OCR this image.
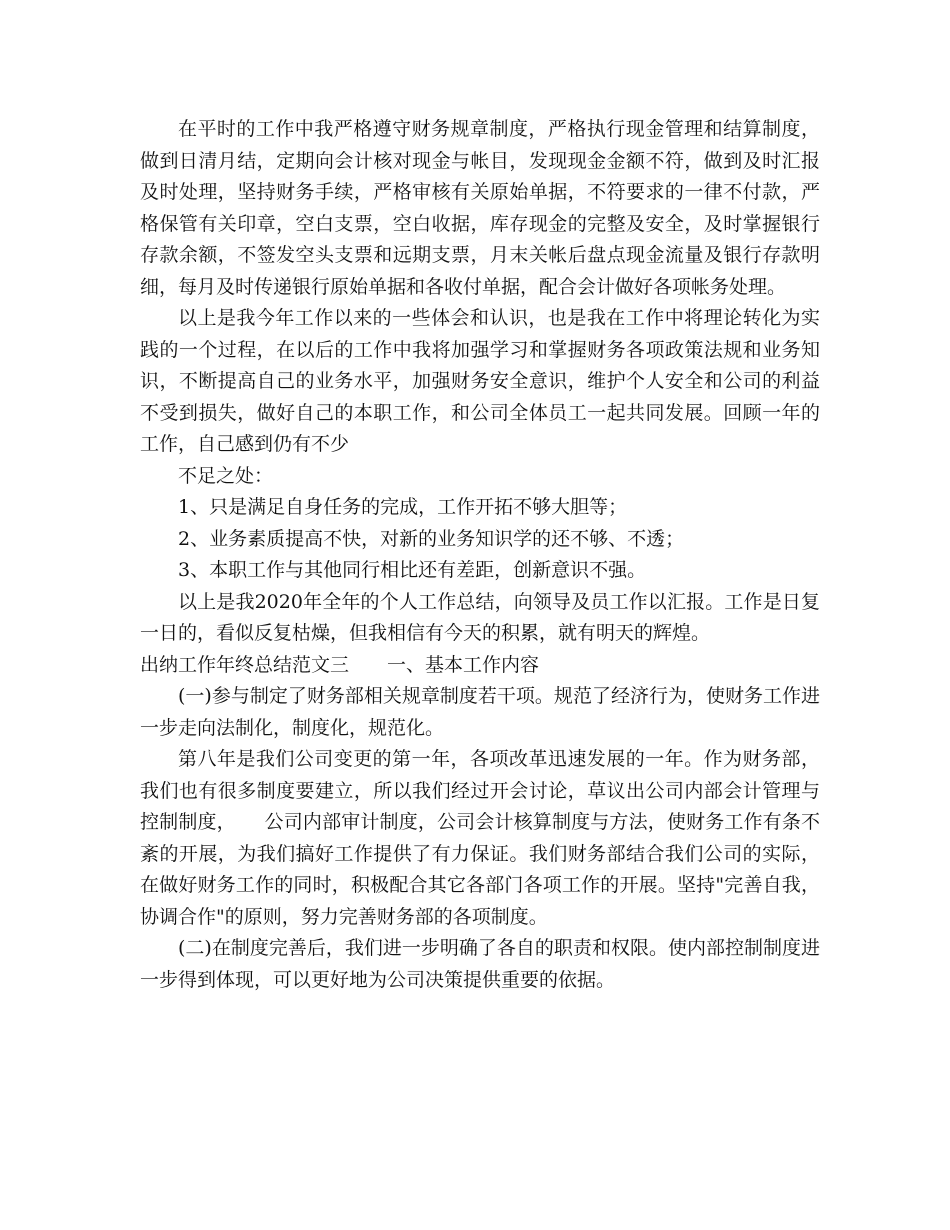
在平时的工作中我严格遵守财务规章制度，严格执行现金管理和结算制度，做到日清月结，定期向会计核对现金与帐目，发现现金金额不符，做到及时汇报及时处理，坚持财务手续，严格审核有关原始单据，不符要求的一律不付款，严格保管有关印章，空白支票，空白收据，库存现金的完整及安全，及时掌握银行存款余额，不签发空头支票和远期支票，月末关帐后盘点现金流量及银行存款明细，每月及时传递银行原始单据和各收付单据，配合会计做好各项帐务处理。

以上是我今年工作以来的一些体会和认识，也是我在工作中将理论转化为实践的一个过程，在以后的工作中我将加强学习和掌握财务各项政策法规和业务知识，不断提高自己的业务水平，加强财务安全意识，维护个人安全和公司的利益不受到损失，做好自己的本职工作，和公司全体员工一起共同发展。回顾一年的工作，自己感到仍有不少

不足之处：

1、只是满足自身任务的完成，工作开拓不够大胆等；

2、业务素质提高不快，对新的业务知识学的还不够、不透；

3、本职工作与其他同行相比还有差距，创新意识不强。

以上是我2020年全年的个人工作总结，向领导及员工作以汇报。工作是日复一日的，看似反复枯燥，但我相信有今天的积累，就有明天的辉煌。

出纳工作年终总结范文三 一、基本工作内容

(一)参与制定了财务部相关规章制度若干项。规范了经济行为，使财务工作进一步走向法制化，制度化，规范化。

第八年是我们公司变更的第一年，各项改革迅速发展的一年。作为财务部，我们也有很多制度要建立，所以我们经过开会讨论，草议出公司内部会计管理与控制制度，　　公司内部审计制度，公司会计核算制度与方法，使财务工作有条不紊的开展，为我们搞好工作提供了有力保证。我们财务部结合我们公司的实际，在做好财务工作的同时，积极配合其它各部门各项工作的开展。坚持"完善自我，协调合作"的原则，努力完善财务部的各项制度。

(二)在制度完善后，我们进一步明确了各自的职责和权限。使内部控制制度进一步得到体现，可以更好地为公司决策提供重要的依据。
